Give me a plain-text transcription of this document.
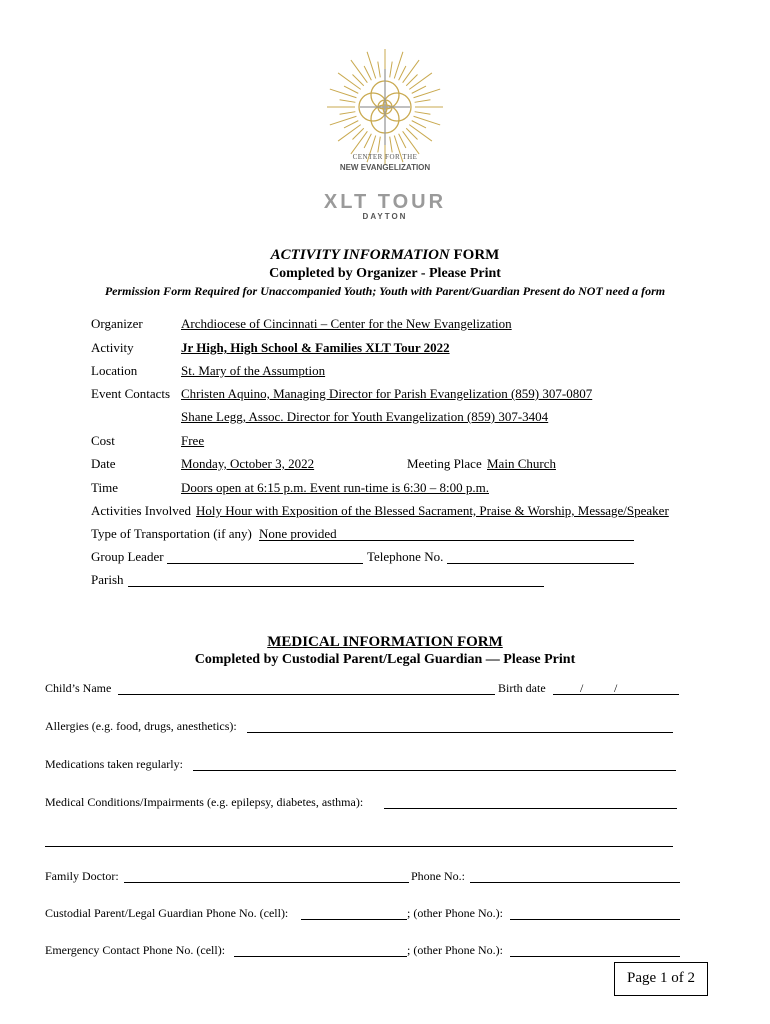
CENTER FOR THE
NEW EVANGELIZATION
XLT TOUR
DAYTON
ACTIVITY INFORMATION FORM
Completed by Organizer - Please Print
Permission Form Required for Unaccompanied Youth; Youth with Parent/Guardian Present do NOT need a form
Organizer	Archdiocese of Cincinnati – Center for the New Evangelization
Activity	Jr High, High School & Families XLT Tour 2022
Location	St. Mary of the Assumption
Event Contacts Christen Aquino, Managing Director for Parish Evangelization (859) 307-0807
Shane Legg, Assoc. Director for Youth Evangelization (859) 307-3404
Cost	Free
Date	Monday, October 3, 2022	Meeting Place Main Church
Time	Doors open at 6:15 p.m. Event run-time is 6:30 – 8:00 p.m.
Activities Involved Holy Hour with Exposition of the Blessed Sacrament, Praise & Worship, Message/Speaker
Type of Transportation (if any) None provided
Group Leader	Telephone No.
Parish
MEDICAL INFORMATION FORM
Completed by Custodial Parent/Legal Guardian — Please Print
Child’s Name	Birth date	/	/
Allergies (e.g. food, drugs, anesthetics):
Medications taken regularly:
Medical Conditions/Impairments (e.g. epilepsy, diabetes, asthma):
Family Doctor:	Phone No.:
Custodial Parent/Legal Guardian Phone No. (cell):	; (other Phone No.):
Emergency Contact Phone No. (cell):	; (other Phone No.):
Page 1 of 2
